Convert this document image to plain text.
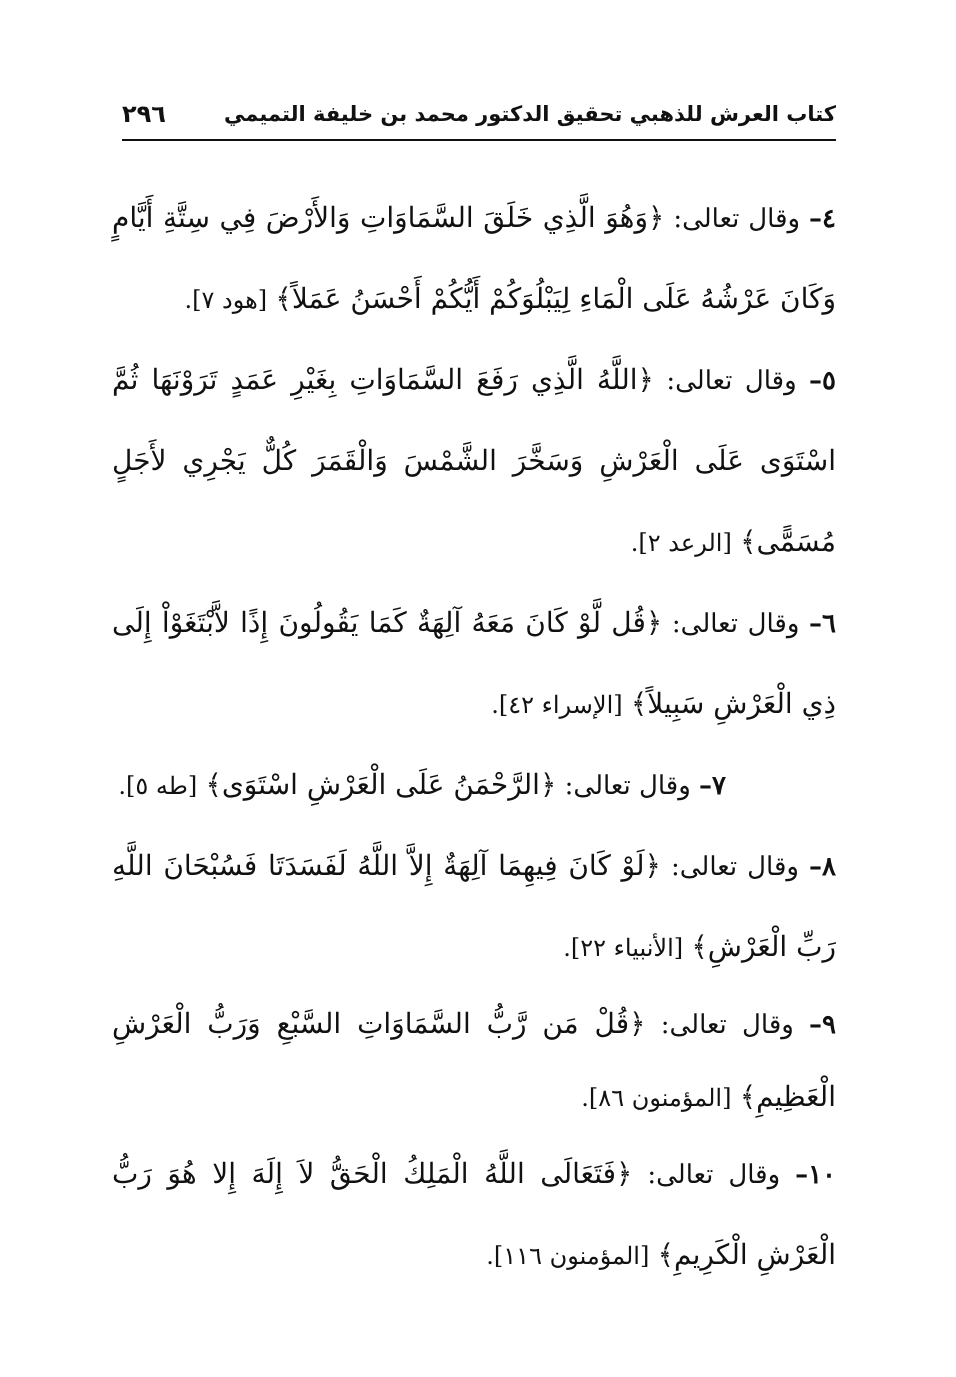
كتاب العرش للذهبي تحقيق الدكتور محمد بن خليفة التميمي
٢٩٦

٤– وقال تعالى: ﴿وَهُوَ الَّذِي خَلَقَ السَّمَاوَاتِ وَالأَرْضَ فِي سِتَّةِ أَيَّامٍ وَكَانَ عَرْشُهُ عَلَى الْمَاءِ لِيَبْلُوَكُمْ أَيُّكُمْ أَحْسَنُ عَمَلاً﴾ [هود ٧].

٥– وقال تعالى: ﴿اللَّهُ الَّذِي رَفَعَ السَّمَاوَاتِ بِغَيْرِ عَمَدٍ تَرَوْنَهَا ثُمَّ اسْتَوَى عَلَى الْعَرْشِ وَسَخَّرَ الشَّمْسَ وَالْقَمَرَ كُلٌّ يَجْرِي لأَجَلٍ مُسَمًّى﴾ [الرعد ٢].

٦– وقال تعالى: ﴿قُل لَّوْ كَانَ مَعَهُ آلِهَةٌ كَمَا يَقُولُونَ إِذًا لاَّبْتَغَوْاْ إِلَى ذِي الْعَرْشِ سَبِيلاً﴾ [الإسراء ٤٢].

٧– وقال تعالى: ﴿الرَّحْمَنُ عَلَى الْعَرْشِ اسْتَوَى﴾ [طه ٥].

٨– وقال تعالى: ﴿لَوْ كَانَ فِيهِمَا آلِهَةٌ إِلاَّ اللَّهُ لَفَسَدَتَا فَسُبْحَانَ اللَّهِ رَبِّ الْعَرْشِ﴾ [الأنبياء ٢٢].

٩– وقال تعالى: ﴿قُلْ مَن رَّبُّ السَّمَاوَاتِ السَّبْعِ وَرَبُّ الْعَرْشِ الْعَظِيمِ﴾ [المؤمنون ٨٦].

١٠– وقال تعالى: ﴿فَتَعَالَى اللَّهُ الْمَلِكُ الْحَقُّ لاَ إِلَهَ إِلا هُوَ رَبُّ الْعَرْشِ الْكَرِيمِ﴾ [المؤمنون ١١٦].
